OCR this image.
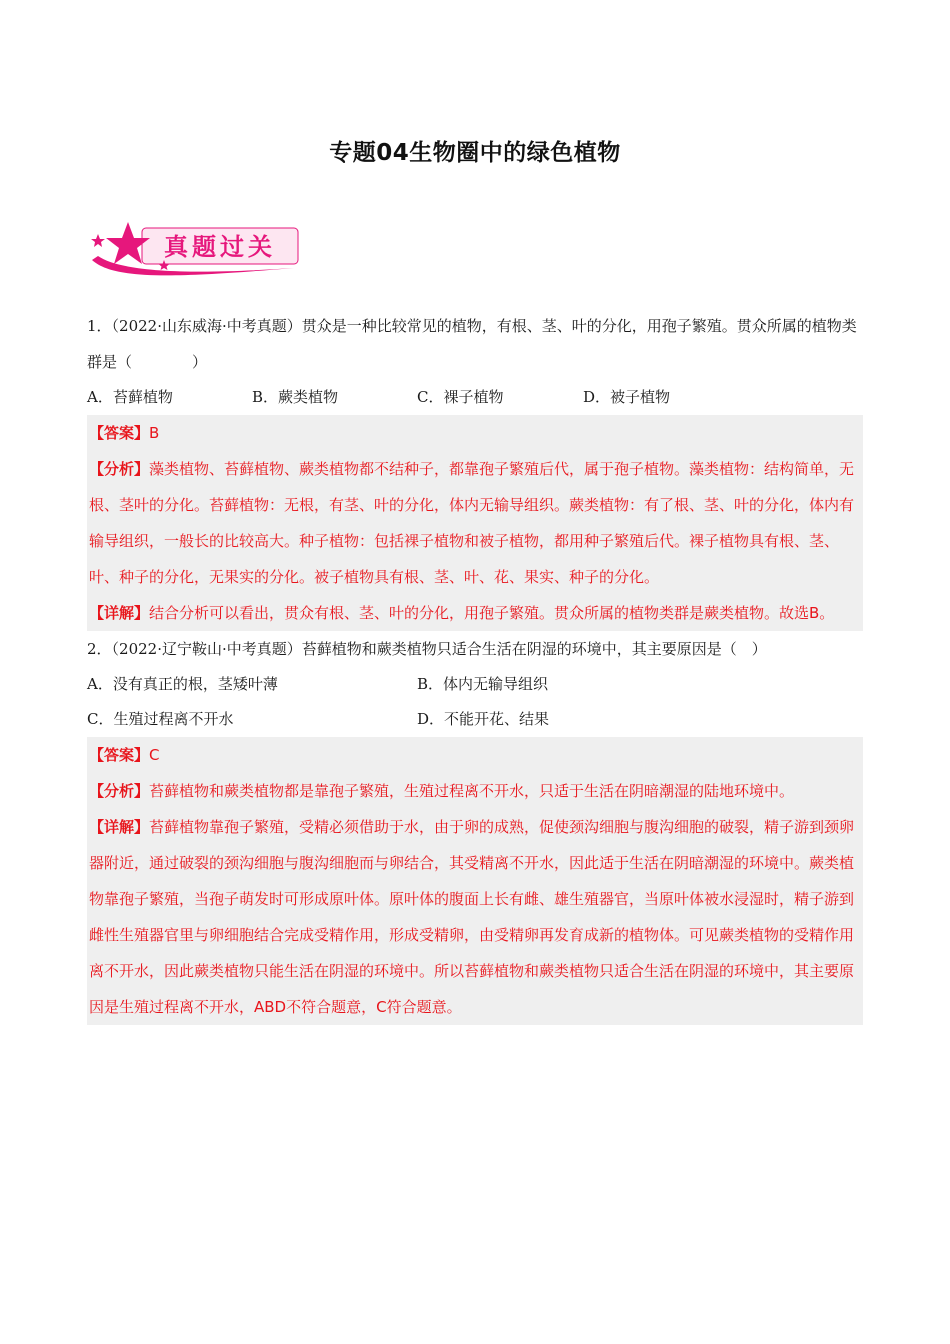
专题04生物圈中的绿色植物
真题过关
1．（2022·山东威海·中考真题）贯众是一种比较常见的植物，有根、茎、叶的分化，用孢子繁殖。贯众所属的植物类群是（　　　　）
A．苔藓植物	B．蕨类植物	C．裸子植物	D．被子植物
【答案】B
【分析】藻类植物、苔藓植物、蕨类植物都不结种子，都靠孢子繁殖后代，属于孢子植物。藻类植物：结构简单，无根、茎叶的分化。苔藓植物：无根，有茎、叶的分化，体内无输导组织。蕨类植物：有了根、茎、叶的分化，体内有输导组织，一般长的比较高大。种子植物：包括裸子植物和被子植物，都用种子繁殖后代。裸子植物具有根、茎、叶、种子的分化，无果实的分化。被子植物具有根、茎、叶、花、果实、种子的分化。
【详解】结合分析可以看出，贯众有根、茎、叶的分化，用孢子繁殖。贯众所属的植物类群是蕨类植物。故选B。
2．（2022·辽宁鞍山·中考真题）苔藓植物和蕨类植物只适合生活在阴湿的环境中，其主要原因是（　）
A．没有真正的根，茎矮叶薄	B．体内无输导组织
C．生殖过程离不开水	D．不能开花、结果
【答案】C
【分析】苔藓植物和蕨类植物都是靠孢子繁殖，生殖过程离不开水，只适于生活在阴暗潮湿的陆地环境中。
【详解】苔藓植物靠孢子繁殖，受精必须借助于水，由于卵的成熟，促使颈沟细胞与腹沟细胞的破裂，精子游到颈卵器附近，通过破裂的颈沟细胞与腹沟细胞而与卵结合，其受精离不开水，因此适于生活在阴暗潮湿的环境中。蕨类植物靠孢子繁殖，当孢子萌发时可形成原叶体。原叶体的腹面上长有雌、雄生殖器官，当原叶体被水浸湿时，精子游到雌性生殖器官里与卵细胞结合完成受精作用，形成受精卵，由受精卵再发育成新的植物体。可见蕨类植物的受精作用离不开水，因此蕨类植物只能生活在阴湿的环境中。所以苔藓植物和蕨类植物只适合生活在阴湿的环境中，其主要原因是生殖过程离不开水，ABD不符合题意，C符合题意。
